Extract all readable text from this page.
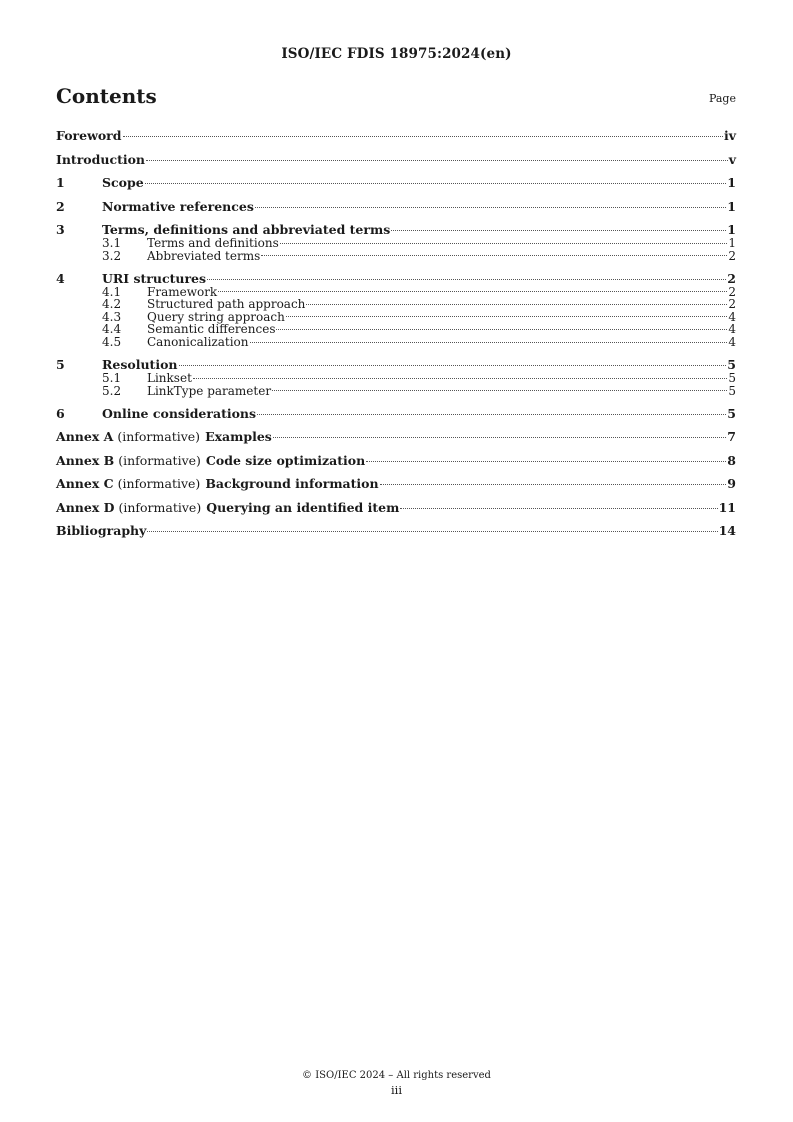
ISO/IEC FDIS 18975:2024(en)
Contents	Page
Foreword	iv
Introduction	v
1	Scope	1
2	Normative references	1
3	Terms, definitions and abbreviated terms	1
3.1	Terms and definitions	1
3.2	Abbreviated terms	2
4	URI structures	2
4.1	Framework	2
4.2	Structured path approach	2
4.3	Query string approach	4
4.4	Semantic differences	4
4.5	Canonicalization	4
5	Resolution	5
5.1	Linkset	5
5.2	LinkType parameter	5
6	Online considerations	5
Annex A (informative) Examples	7
Annex B (informative) Code size optimization	8
Annex C (informative) Background information	9
Annex D (informative) Querying an identified item	11
Bibliography	14
© ISO/IEC 2024 – All rights reserved
iii
